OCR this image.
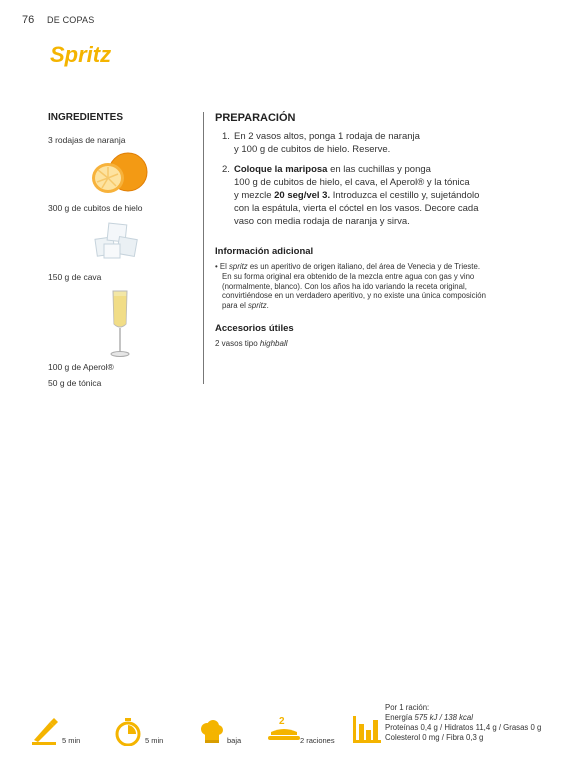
76 DE COPAS
Spritz
INGREDIENTES
3 rodajas de naranja
300 g de cubitos de hielo
150 g de cava
100 g de Aperol®
50 g de tónica
PREPARACIÓN
1. En 2 vasos altos, ponga 1 rodaja de naranja
y 100 g de cubitos de hielo. Reserve.
2. Coloque la mariposa en las cuchillas y ponga
100 g de cubitos de hielo, el cava, el Aperol® y la tónica
y mezcle 20 seg/vel 3. Introduzca el cestillo y, sujetándolo
con la espátula, vierta el cóctel en los vasos. Decore cada
vaso con media rodaja de naranja y sirva.
Información adicional
• El spritz es un aperitivo de origen italiano, del área de Venecia y de Trieste.
En su forma original era obtenido de la mezcla entre agua con gas y vino
(normalmente, blanco). Con los años ha ido variando la receta original,
convirtiéndose en un verdadero aperitivo, y no existe una única composición
para el spritz.
Accesorios útiles
2 vasos tipo highball
5 min	5 min	baja
2
2 raciones
Por 1 ración:
Energía 575 kJ / 138 kcal
Proteínas 0,4 g / Hidratos 11,4 g / Grasas 0 g
Colesterol 0 mg / Fibra 0,3 g
